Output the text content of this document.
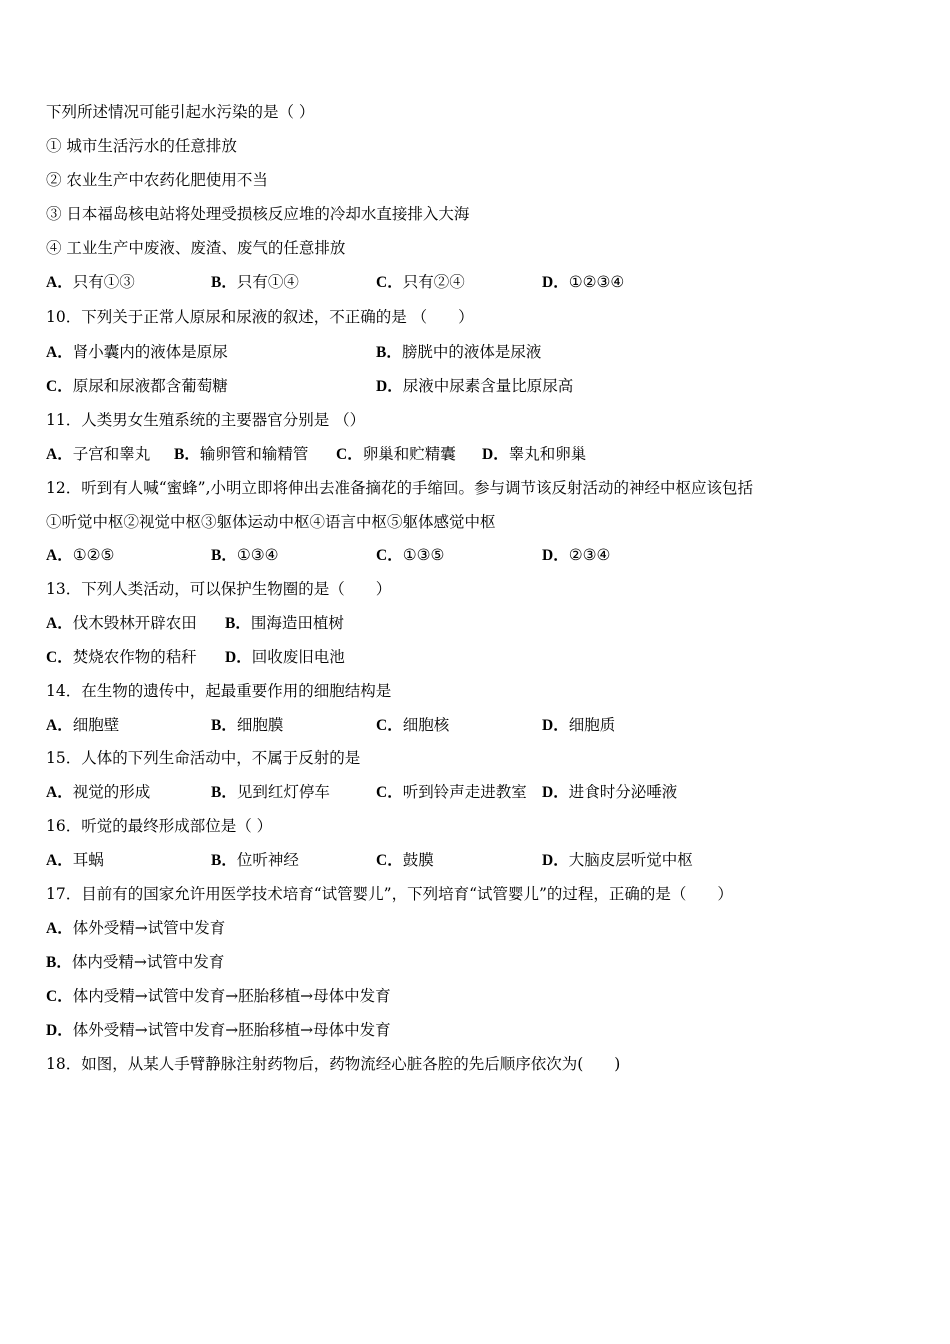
下列所述情况可能引起水污染的是（ ）
① 城市生活污水的任意排放
② 农业生产中农药化肥使用不当
③ 日本福岛核电站将处理受损核反应堆的冷却水直接排入大海
④ 工业生产中废液、废渣、废气的任意排放
A．只有①③	B．只有①④	C．只有②④	D．①②③④
10．下列关于正常人原尿和尿液的叙述，不正确的是 （　　）
A．肾小囊内的液体是原尿	B．膀胱中的液体是尿液
C．原尿和尿液都含葡萄糖	D．尿液中尿素含量比原尿高
11．人类男女生殖系统的主要器官分别是 （）
A．子宫和睾丸 B．输卵管和输精管 C．卵巢和贮精囊 D．睾丸和卵巢
12．听到有人喊“蜜蜂”,小明立即将伸出去准备摘花的手缩回。参与调节该反射活动的神经中枢应该包括
①听觉中枢②视觉中枢③躯体运动中枢④语言中枢⑤躯体感觉中枢
A．①②⑤	B．①③④	C．①③⑤	D．②③④
13．下列人类活动，可以保护生物圈的是（　　）
A．伐木毁林开辟农田 B．围海造田植树
C．焚烧农作物的秸秆 D．回收废旧电池
14．在生物的遗传中，起最重要作用的细胞结构是
A．细胞壁	B．细胞膜	C．细胞核	D．细胞质
15．人体的下列生命活动中，不属于反射的是
A．视觉的形成	B．见到红灯停车	C．听到铃声走进教室 D．进食时分泌唾液
16．听觉的最终形成部位是（ ）
A．耳蜗	B．位听神经	C．鼓膜	D．大脑皮层听觉中枢
17．目前有的国家允许用医学技术培育“试管婴儿”，下列培育“试管婴儿”的过程，正确的是（　　）
A．体外受精→试管中发育
B．体内受精→试管中发育
C．体内受精→试管中发育→胚胎移植→母体中发育
D．体外受精→试管中发育→胚胎移植→母体中发育
18．如图，从某人手臂静脉注射药物后，药物流经心脏各腔的先后顺序依次为(　　)
